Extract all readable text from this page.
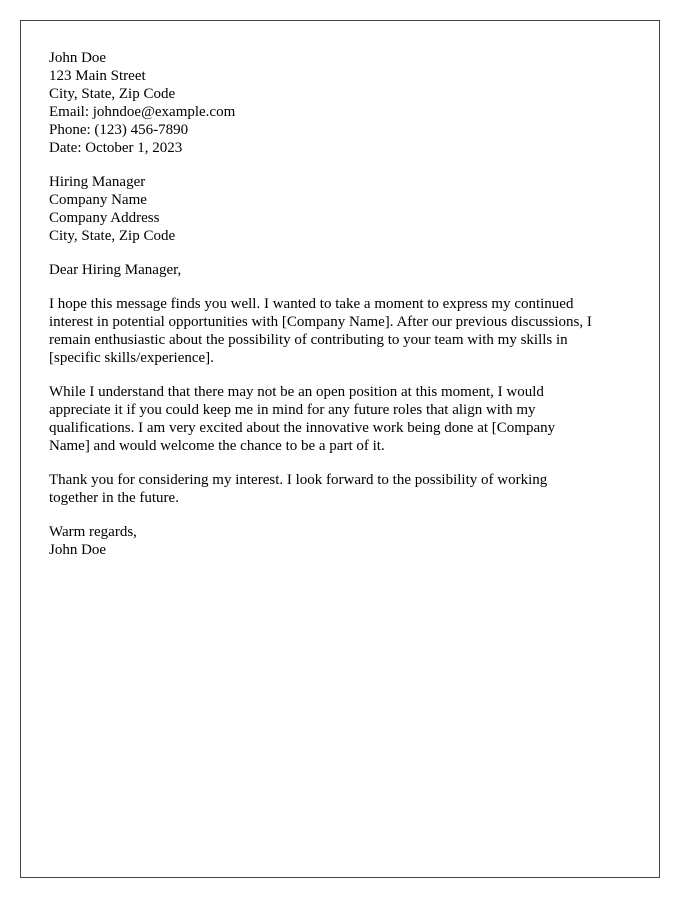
John Doe
123 Main Street
City, State, Zip Code
Email: johndoe@example.com
Phone: (123) 456-7890
Date: October 1, 2023
Hiring Manager
Company Name
Company Address
City, State, Zip Code
Dear Hiring Manager,
I hope this message finds you well. I wanted to take a moment to express my continued
interest in potential opportunities with [Company Name]. After our previous discussions, I
remain enthusiastic about the possibility of contributing to your team with my skills in
[specific skills/experience].
While I understand that there may not be an open position at this moment, I would
appreciate it if you could keep me in mind for any future roles that align with my
qualifications. I am very excited about the innovative work being done at [Company
Name] and would welcome the chance to be a part of it.
Thank you for considering my interest. I look forward to the possibility of working
together in the future.
Warm regards,
John Doe
